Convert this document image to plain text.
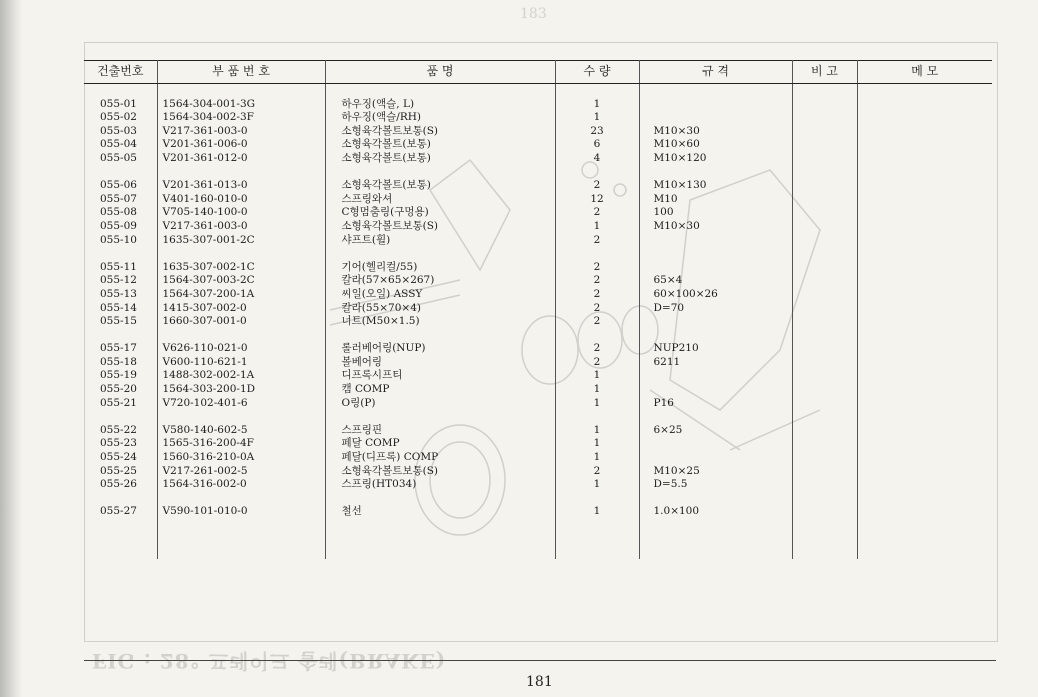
183
건출번호	부 품 번 호	품 명	수 량	규 격	비 고	메 모

055-01	1564-304-001-3G	하우징(액슬, L)	1			
055-02	1564-304-002-3F	하우징(액슬/RH)	1			
055-03	V217-361-003-0	소형육각볼트보통(S)	23	M10×30		
055-04	V201-361-006-0	소형육각볼트(보통)	6	M10×60		
055-05	V201-361-012-0	소형육각볼트(보통)	4	M10×120		

055-06	V201-361-013-0	소형육각볼트(보통)	2	M10×130		
055-07	V401-160-010-0	스프링와셔	12	M10		
055-08	V705-140-100-0	C형멈춤링(구멍용)	2	100		
055-09	V217-361-003-0	소형육각볼트보통(S)	1	M10×30		
055-10	1635-307-001-2C	샤프트(휠)	2			

055-11	1635-307-002-1C	기어(헬리컬/55)	2			
055-12	1564-307-003-2C	칼라(57×65×267)	2	65×4		
055-13	1564-307-200-1A	씨일(오일) ASSY	2	60×100×26		
055-14	1415-307-002-0	칼라(55×70×4)	2	D=70		
055-15	1660-307-001-0	너트(M50×1.5)	2			

055-17	V626-110-021-0	롤러베어링(NUP)	2	NUP210		
055-18	V600-110-621-1	볼베어링	2	6211		
055-19	1488-302-002-1A	디프록시프티	1			
055-20	1564-303-200-1D	캠 COMP	1			
055-21	V720-102-401-6	O링(P)	1	P16		

055-22	V580-140-602-5	스프링핀	1	6×25		
055-23	1565-316-200-4F	페달 COMP	1			
055-24	1560-316-210-0A	페달(디프록) COMP	1			
055-25	V217-261-002-5	소형육각볼트보통(S)	2	M10×25		
055-26	1564-316-002-0	스프링(HT034)	1	D=5.5		

055-27	V590-101-010-0	철선	1	1.0×100		

FIG : 28° 프레이크 솔레(BRAKE)
181
